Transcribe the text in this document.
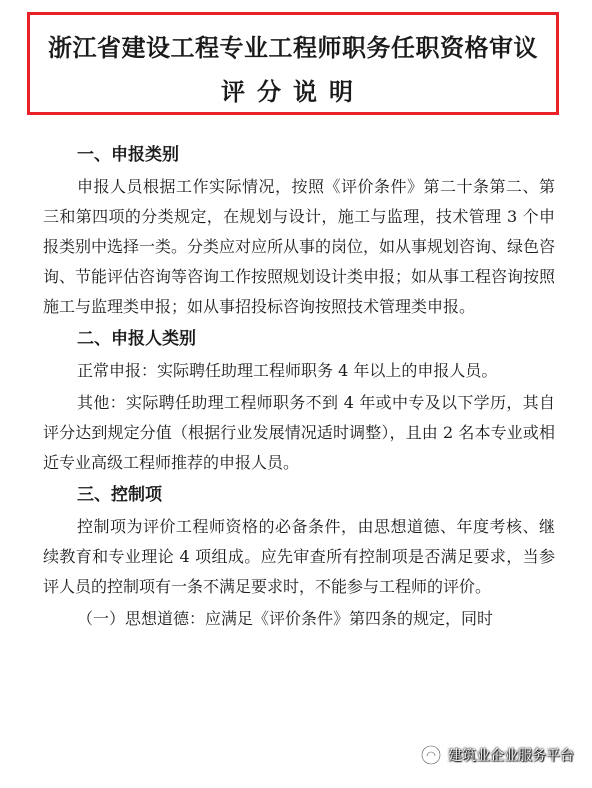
浙江省建设工程专业工程师职务任职资格审议
评分说明
一、申报类别
申报人员根据工作实际情况，按照《评价条件》第二十条第二、第三和第四项的分类规定，在规划与设计，施工与监理，技术管理 3 个申报类别中选择一类。分类应对应所从事的岗位，如从事规划咨询、绿色咨询、节能评估咨询等咨询工作按照规划设计类申报；如从事工程咨询按照施工与监理类申报；如从事招投标咨询按照技术管理类申报。
二、申报人类别
正常申报：实际聘任助理工程师职务 4 年以上的申报人员。
其他：实际聘任助理工程师职务不到 4 年或中专及以下学历，其自评分达到规定分值（根据行业发展情况适时调整），且由 2 名本专业或相近专业高级工程师推荐的申报人员。
三、控制项
控制项为评价工程师资格的必备条件，由思想道德、年度考核、继续教育和专业理论 4 项组成。应先审查所有控制项是否满足要求，当参评人员的控制项有一条不满足要求时，不能参与工程师的评价。
（一）思想道德：应满足《评价条件》第四条的规定，同时
建筑业企业服务平台
